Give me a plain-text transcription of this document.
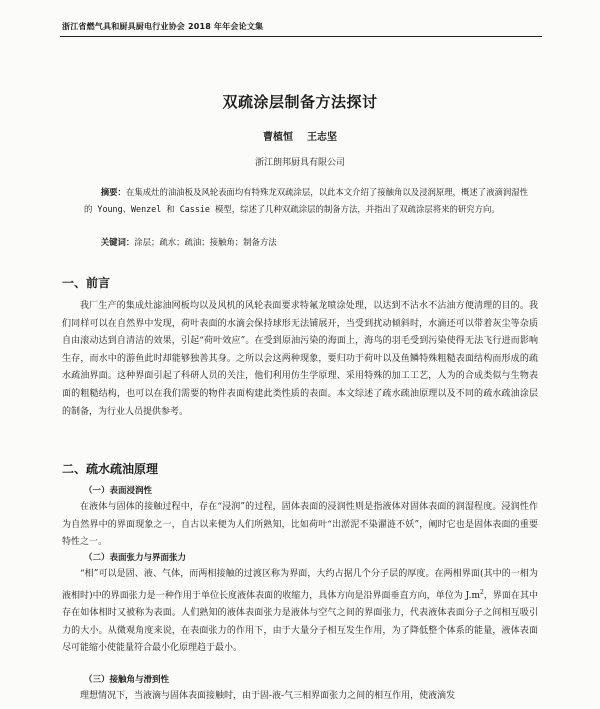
浙江省燃气具和厨具厨电行业协会 2018 年年会论文集
双疏涂层制备方法探讨
曹植恒    王志坚
浙江朗邦厨具有限公司
摘要：在集成灶的油油板及风轮表面均有特殊龙双疏涂层，以此本文介绍了接触角以及浸润原理，概述了液滴润湿性的 Young、Wenzel 和 Cassie 模型，综述了几种双疏涂层的制备方法，并指出了双疏涂层将来的研究方向。
关键词：涂层；疏水；疏油；接触角；制备方法
一、前言
我厂生产的集成灶滤油网板均以及风机的风轮表面要求特氟龙喷涂处理，以达到不沾水不沾油方便清理的目的。我们同样可以在自然界中发现，荷叶表面的水滴会保持球形无法铺展开，当受到扰动倾斜时，水滴还可以带着灰尘等杂质自由滚动达到自清洁的效果，引起“荷叶效应”。在受到原油污染的海面上，海鸟的羽毛受到污染使得无法飞行进而影响生存，而水中的游鱼此时却能够独善其身。之所以会这两种现象，要归功于荷叶以及鱼鳞特殊粗糙表面结构而形成的疏水疏油界面。这种界面引起了科研人员的关注，他们利用仿生学原理、采用特殊的加工工艺，人为的合成类似与生物表面的粗糙结构，也可以在我们需要的物件表面构建此类性质的表面。本文综述了疏水疏油原理以及不同的疏水疏油涂层的制备，为行业人员提供参考。
二、疏水疏油原理
（一）表面浸润性
在液体与固体的接触过程中，存在“浸润”的过程，固体表面的浸润性则是指液体对固体表面的润湿程度。浸润性作为自然界中的界面现象之一，自古以来便为人们所熟知，比如荷叶“出淤泥不染濯涟不妖”，阐时它也是固体表面的重要特性之一。
（二）表面张力与界面张力
“相”可以是固、液、气体，而两相接触的过渡区称为界面，大约占据几个分子层的厚度。在两相界面(其中的一相为液相时)中的界面张力是一种作用于单位长度液体表面的收缩力，具体方向是沿界面垂直方向，单位为 $J.m^2$，界面在其中存在如体相时又被称为表面。人们熟知的液体表面张力是液体与空气之间的界面张力，代表液体表面分子之间相互吸引力的大小。从微观角度来说，在表面张力的作用下，由于大量分子相互发生作用，为了降低整个体系的能量，液体表面尽可能缩小使能量符合最小化原理趋于最小。
（三）接触角与滑到性
理想情况下，当液滴与固体表面接触时，由于固-液-气三相界面张力之间的相互作用，使液滴发
